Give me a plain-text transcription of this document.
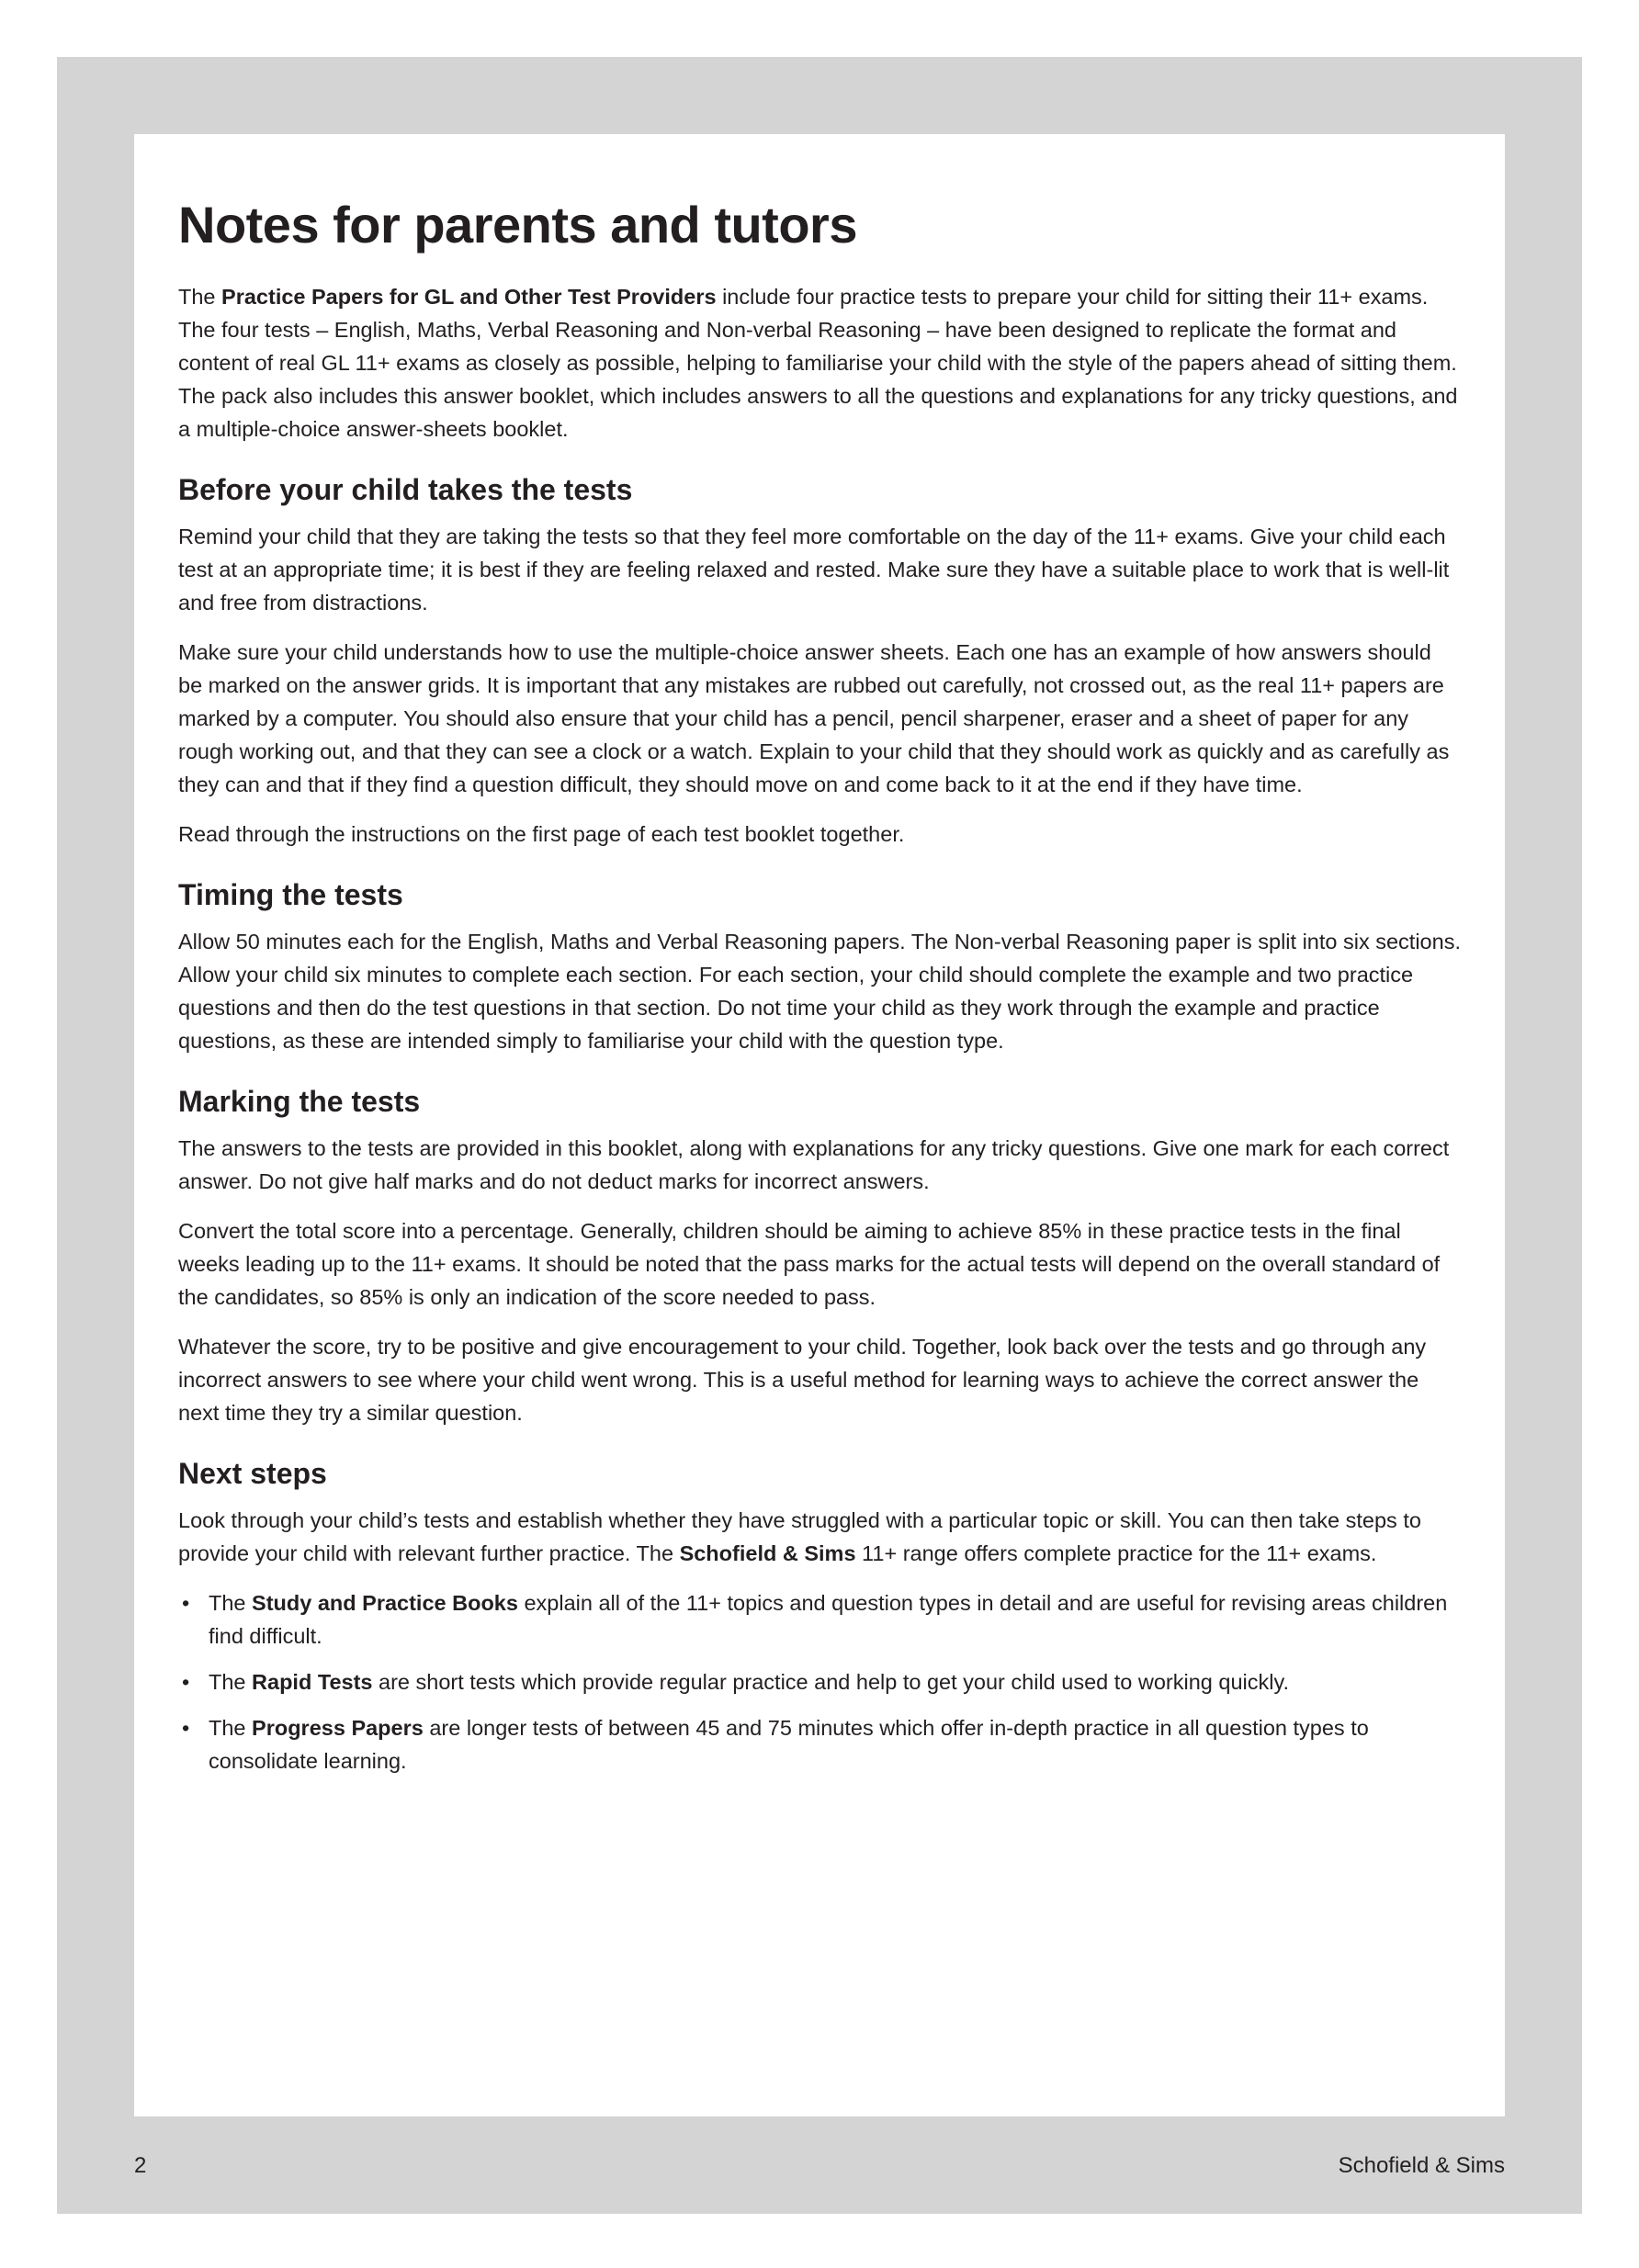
Notes for parents and tutors

The Practice Papers for GL and Other Test Providers include four practice tests to prepare your child for sitting their 11+ exams. The four tests – English, Maths, Verbal Reasoning and Non-verbal Reasoning – have been designed to replicate the format and content of real GL 11+ exams as closely as possible, helping to familiarise your child with the style of the papers ahead of sitting them. The pack also includes this answer booklet, which includes answers to all the questions and explanations for any tricky questions, and a multiple-choice answer-sheets booklet.

Before your child takes the tests

Remind your child that they are taking the tests so that they feel more comfortable on the day of the 11+ exams. Give your child each test at an appropriate time; it is best if they are feeling relaxed and rested. Make sure they have a suitable place to work that is well-lit and free from distractions.

Make sure your child understands how to use the multiple-choice answer sheets. Each one has an example of how answers should be marked on the answer grids. It is important that any mistakes are rubbed out carefully, not crossed out, as the real 11+ papers are marked by a computer. You should also ensure that your child has a pencil, pencil sharpener, eraser and a sheet of paper for any rough working out, and that they can see a clock or a watch. Explain to your child that they should work as quickly and as carefully as they can and that if they find a question difficult, they should move on and come back to it at the end if they have time.

Read through the instructions on the first page of each test booklet together.

Timing the tests

Allow 50 minutes each for the English, Maths and Verbal Reasoning papers. The Non-verbal Reasoning paper is split into six sections. Allow your child six minutes to complete each section. For each section, your child should complete the example and two practice questions and then do the test questions in that section. Do not time your child as they work through the example and practice questions, as these are intended simply to familiarise your child with the question type.

Marking the tests

The answers to the tests are provided in this booklet, along with explanations for any tricky questions. Give one mark for each correct answer. Do not give half marks and do not deduct marks for incorrect answers.

Convert the total score into a percentage. Generally, children should be aiming to achieve 85% in these practice tests in the final weeks leading up to the 11+ exams. It should be noted that the pass marks for the actual tests will depend on the overall standard of the candidates, so 85% is only an indication of the score needed to pass.

Whatever the score, try to be positive and give encouragement to your child. Together, look back over the tests and go through any incorrect answers to see where your child went wrong. This is a useful method for learning ways to achieve the correct answer the next time they try a similar question.

Next steps

Look through your child’s tests and establish whether they have struggled with a particular topic or skill. You can then take steps to provide your child with relevant further practice. The Schofield & Sims 11+ range offers complete practice for the 11+ exams.

• The Study and Practice Books explain all of the 11+ topics and question types in detail and are useful for revising areas children find difficult.
• The Rapid Tests are short tests which provide regular practice and help to get your child used to working quickly.
• The Progress Papers are longer tests of between 45 and 75 minutes which offer in-depth practice in all question types to consolidate learning.
2	Schofield & Sims
